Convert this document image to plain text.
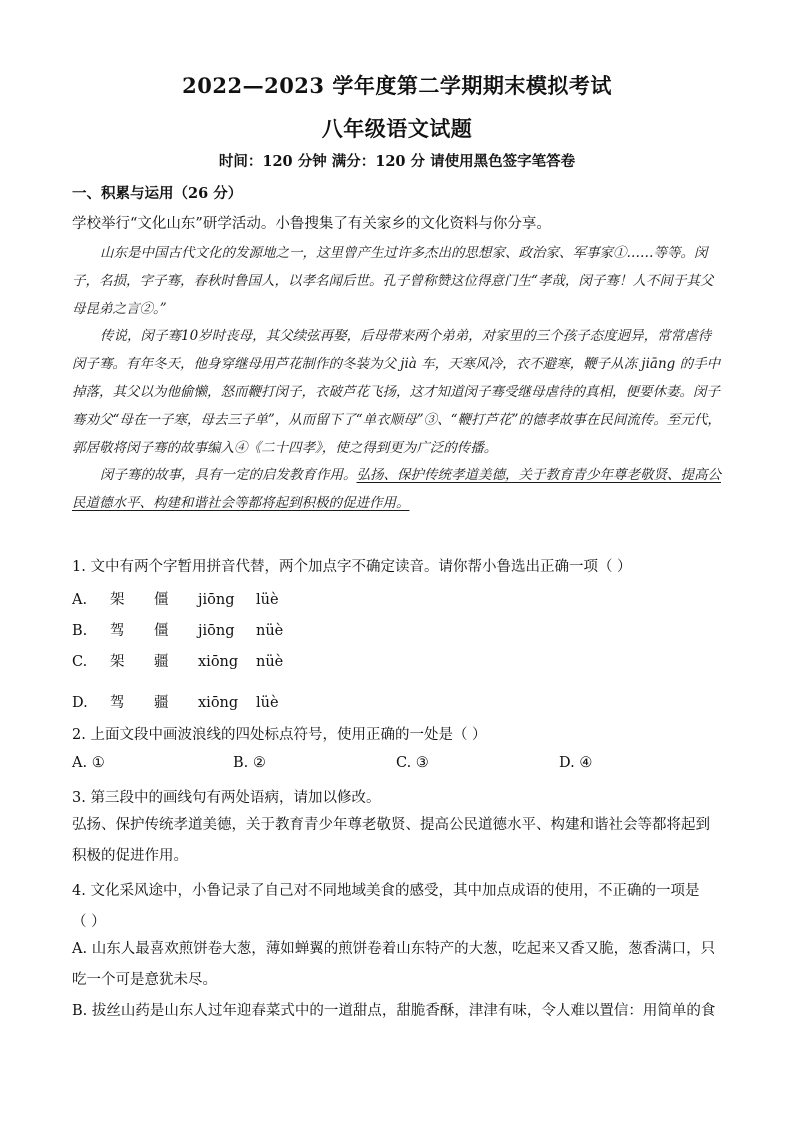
2022—2023 学年度第二学期期末模拟考试
八年级语文试题
时间：120 分钟 满分：120 分 请使用黑色签字笔答卷
一、积累与运用（26 分）
学校举行“文化山东”研学活动。小鲁搜集了有关家乡的文化资料与你分享。

山东是中国古代文化的发源地之一，这里曾产生过许多杰出的思想家、政治家、军事家①……等等。闵子，名损，字子骞，春秋时鲁国人，以孝名闻后世。孔子曾称赞这位得意门生“孝哉，闵子骞！人不间于其父母昆弟之言②。”

传说，闵子骞10岁时丧母，其父续弦再娶，后母带来两个弟弟，对家里的三个孩子态度迥异，常常虐待闵子骞。有年冬天，他身穿继母用芦花制作的冬装为父 jià 车，天寒风冷，衣不避寒，鞭子从冻 jiāng 的手中掉落，其父以为他偷懒，怒而鞭打闵子，衣破芦花飞扬，这才知道闵子骞受继母虐待的真相，便要休妻。闵子骞劝父“母在一子寒，母去三子单”，从而留下了“单衣顺母”③、“鞭打芦花”的德孝故事在民间流传。至元代，郭居敬将闵子骞的故事编入④《二十四孝》，使之得到更为广泛的传播。

闵子骞的故事，具有一定的启发教育作用。弘扬、保护传统孝道美德，关于教育青少年尊老敬贤、提高公民道德水平、构建和谐社会等都将起到积极的促进作用。

1. 文中有两个字暂用拼音代替，两个加点字不确定读音。请你帮小鲁选出正确一项（ ）
A. 架 僵 jiōng lüè
B. 驾 僵 jiōng nüè
C. 架 疆 xiōng nüè
D. 驾 疆 xiōng lüè
2. 上面文段中画波浪线的四处标点符号，使用正确的一处是（ ）
A. ①	B. ②	C. ③	D. ④
3. 第三段中的画线句有两处语病，请加以修改。
弘扬、保护传统孝道美德，关于教育青少年尊老敬贤、提高公民道德水平、构建和谐社会等都将起到积极的促进作用。
4. 文化采风途中，小鲁记录了自己对不同地域美食的感受，其中加点成语的使用，不正确的一项是
（ ）
A. 山东人最喜欢煎饼卷大葱，薄如蝉翼的煎饼卷着山东特产的大葱，吃起来又香又脆，葱香满口，只吃一个可是意犹未尽。
B. 拔丝山药是山东人过年迎春菜式中的一道甜点，甜脆香酥，津津有味，令人难以置信：用简单的食
